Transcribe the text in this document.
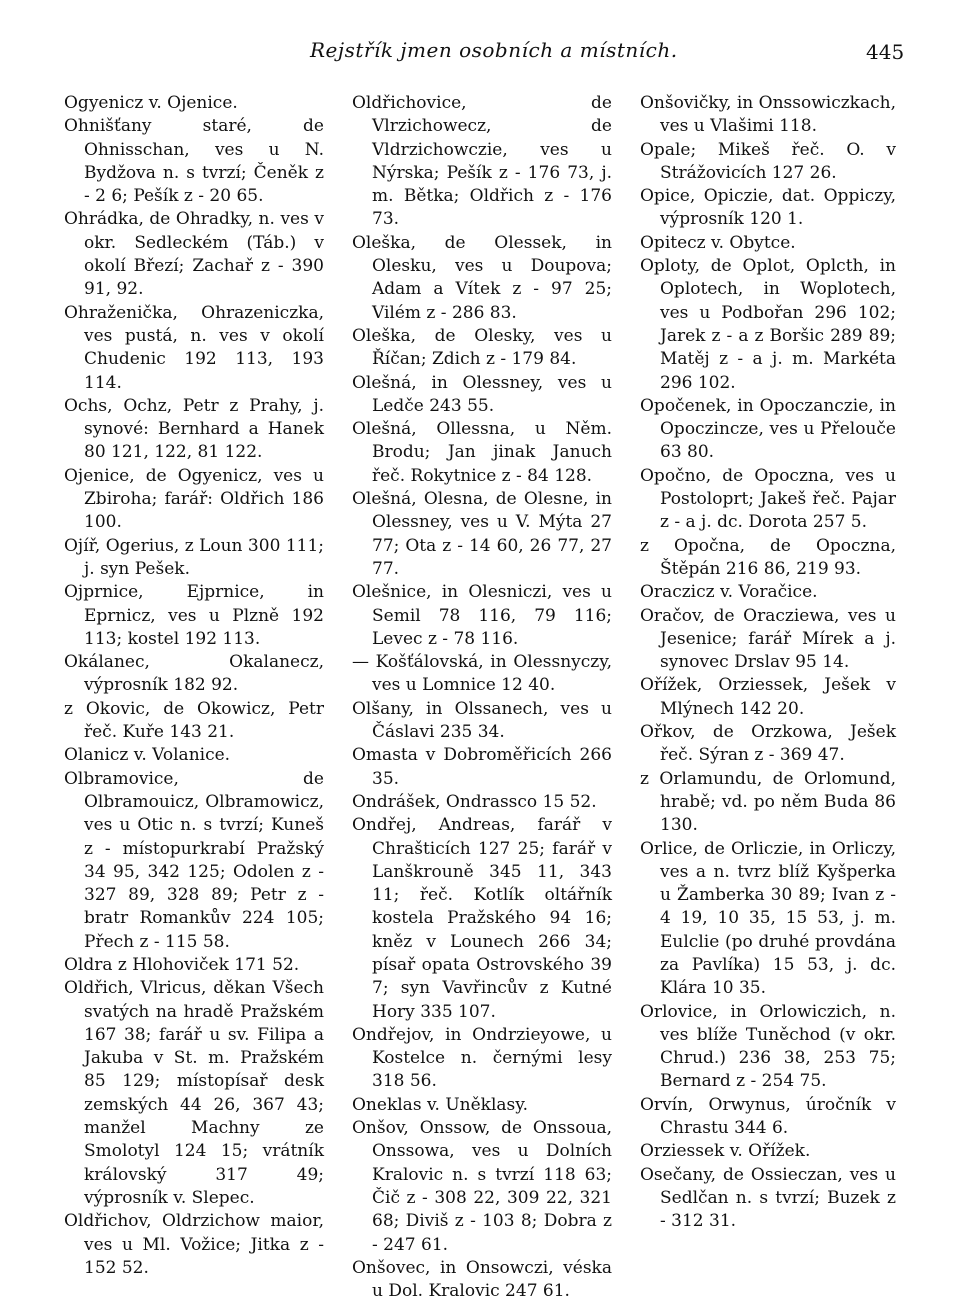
Rejstřík jmen osobních a místních.	445

Ogyenicz v. Ojenice.

Ohnišťany staré, de Ohnisschan, ves u N. Bydžova n. s tvrzí; Čeněk z - 2 6; Pešík z - 20 65.

Ohrádka, de Ohradky, n. ves v okr. Sedleckém (Táb.) v okolí Březí; Zachař z - 390 91, 92.

Ohraženička, Ohrazeniczka, ves pustá, n. ves v okolí Chudenic 192 113, 193 114.

Ochs, Ochz, Petr z Prahy, j. synové: Bernhard a Hanek 80 121, 122, 81 122.

Ojenice, de Ogyenicz, ves u Zbiroha; farář: Oldřich 186 100.

Ojíř, Ogerius, z Loun 300 111; j. syn Pešek.

Ojprnice, Ejprnice, in Eprnicz, ves u Plzně 192 113; kostel 192 113.

Okálanec, Okalanecz, výprosník 182 92.

z Okovic, de Okowicz, Petr řeč. Kuře 143 21.

Olanicz v. Volanice.

Olbramovice, de Olbramouicz, Olbramowicz, ves u Otic n. s tvrzí; Kuneš z - místopurkrabí Pražský 34 95, 342 125; Odolen z - 327 89, 328 89; Petr z - bratr Romankův 224 105; Přech z - 115 58.

Oldra z Hlohoviček 171 52.

Oldřich, Vlricus, děkan Všech svatých na hradě Pražském 167 38; farář u sv. Filipa a Jakuba v St. m. Pražském 85 129; místopísař desk zemských 44 26, 367 43; manžel Machny ze Smolotyl 124 15; vrátník královský 317 49; výprosník v. Slepec.

Oldřichov, Oldrzichow maior, ves u Ml. Vožice; Jitka z - 152 52.

Oldřichovice, de Vlrzichowecz, de Vldrzichowczie, ves u Nýrska; Pešík z - 176 73, j. m. Bětka; Oldřich z - 176 73.

Oleška, de Olessek, in Olesku, ves u Doupova; Adam a Vítek z - 97 25; Vilém z - 286 83.

Oleška, de Olesky, ves u Říčan; Zdich z - 179 84.

Olešná, in Olessney, ves u Ledče 243 55.

Olešná, Ollessna, u Něm. Brodu; Jan jinak Januch řeč. Rokytnice z - 84 128.

Olešná, Olesna, de Olesne, in Olessney, ves u V. Mýta 27 77; Ota z - 14 60, 26 77, 27 77.

Olešnice, in Olesniczi, ves u Semil 78 116, 79 116; Levec z - 78 116.

— Košťálovská, in Olessnyczy, ves u Lomnice 12 40.

Olšany, in Olssanech, ves u Čáslavi 235 34.

Omasta v Dobroměřicích 266 35.

Ondrášek, Ondrassco 15 52.

Ondřej, Andreas, farář v Chrašticích 127 25; farář v Lanškrouně 345 11, 343 11; řeč. Kotlík oltářník kostela Pražského 94 16; kněz v Lounech 266 34; písař opata Ostrovského 39 7; syn Vavřincův z Kutné Hory 335 107.

Ondřejov, in Ondrzieyowe, u Kostelce n. černými lesy 318 56.

Oneklas v. Uněklasy.

Onšov, Onssow, de Onssoua, Onssowa, ves u Dolních Kralovic n. s tvrzí 118 63; Čič z - 308 22, 309 22, 321 68; Diviš z - 103 8; Dobra z - 247 61.

Onšovec, in Onsowczi, véska u Dol. Kralovic 247 61.

Onšovičky, in Onssowiczkach, ves u Vlašimi 118.

Opale; Mikeš řeč. O. v Strážovicích 127 26.

Opice, Opiczie, dat. Oppiczy, výprosník 120 1.

Opitecz v. Obytce.

Oploty, de Oplot, Oplcth, in Oplotech, in Woplotech, ves u Podbořan 296 102; Jarek z - a z Boršic 289 89; Matěj z - a j. m. Markéta 296 102.

Opočenek, in Opoczanczie, in Opoczincze, ves u Přelouče 63 80.

Opočno, de Opoczna, ves u Postoloprt; Jakeš řeč. Pajar z - a j. dc. Dorota 257 5.

z Opočna, de Opoczna, Štěpán 216 86, 219 93.

Oraczicz v. Voračice.

Oračov, de Oracziewa, ves u Jesenice; farář Mírek a j. synovec Drslav 95 14.

Ořížek, Orziessek, Ješek v Mlýnech 142 20.

Ořkov, de Orzkowa, Ješek řeč. Sýran z - 369 47.

z Orlamundu, de Orlomund, hrabě; vd. po něm Buda 86 130.

Orlice, de Orliczie, in Orliczy, ves a n. tvrz blíž Kyšperka u Žamberka 30 89; Ivan z - 4 19, 10 35, 15 53, j. m. Eulclie (po druhé provdána za Pavlíka) 15 53, j. dc. Klára 10 35.

Orlovice, in Orlowiczich, n. ves blíže Tuněchod (v okr. Chrud.) 236 38, 253 75; Bernard z - 254 75.

Orvín, Orwynus, úročník v Chrastu 344 6.

Orziessek v. Ořížek.

Osečany, de Ossieczan, ves u Sedlčan n. s tvrzí; Buzek z - 312 31.
